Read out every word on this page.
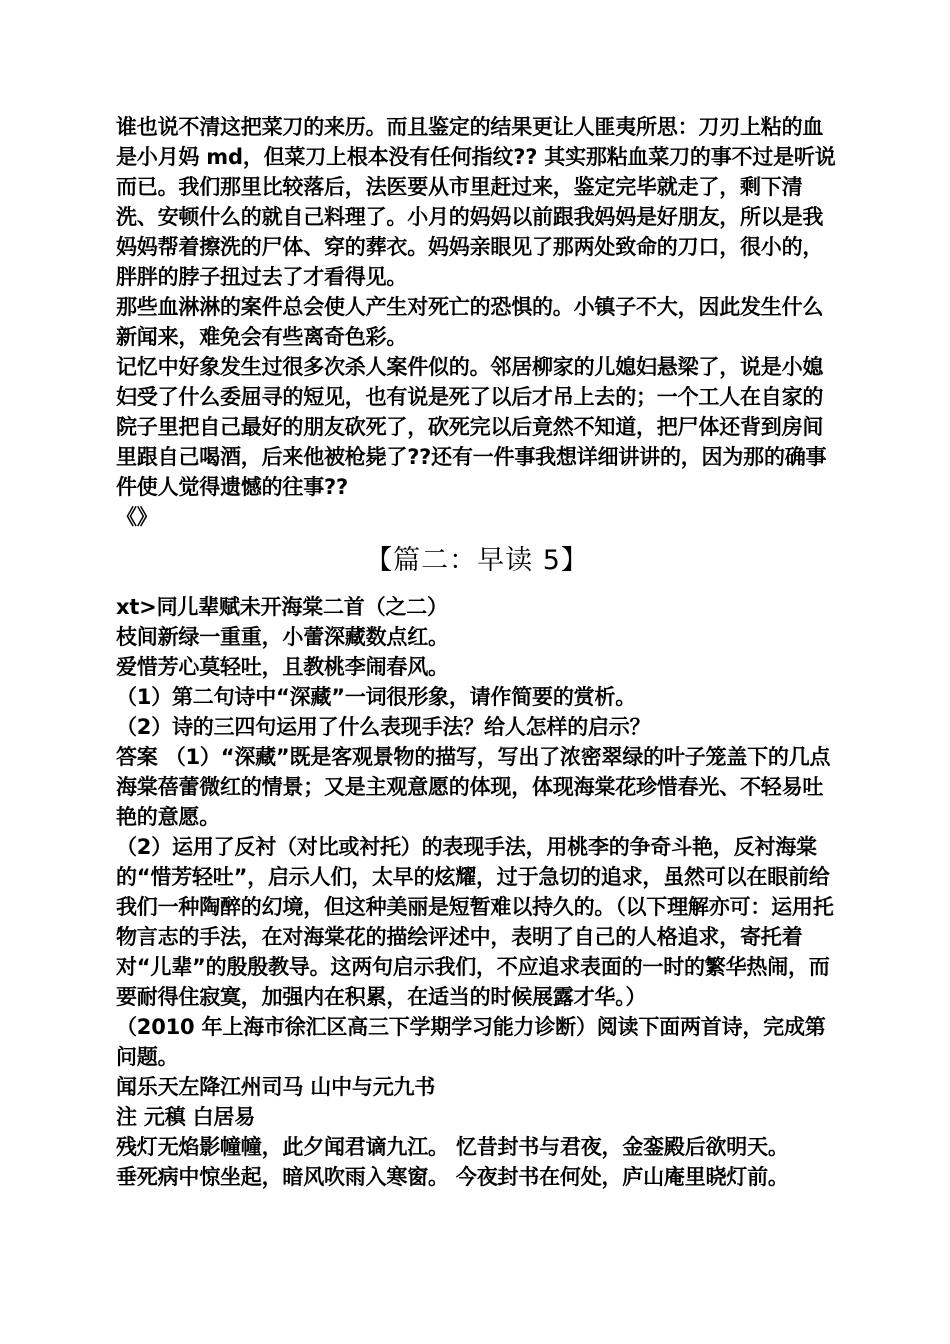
谁也说不清这把菜刀的来历。而且鉴定的结果更让人匪夷所思：刀刃上粘的血是小月妈 md，但菜刀上根本没有任何指纹?? 其实那粘血菜刀的事不过是听说而已。我们那里比较落后，法医要从市里赶过来，鉴定完毕就走了，剩下清洗、安顿什么的就自己料理了。小月的妈妈以前跟我妈妈是好朋友，所以是我妈妈帮着擦洗的尸体、穿的葬衣。妈妈亲眼见了那两处致命的刀口，很小的，胖胖的脖子扭过去了才看得见。

那些血淋淋的案件总会使人产生对死亡的恐惧的。小镇子不大，因此发生什么新闻来，难免会有些离奇色彩。

记忆中好象发生过很多次杀人案件似的。邻居柳家的儿媳妇悬梁了，说是小媳妇受了什么委屈寻的短见，也有说是死了以后才吊上去的；一个工人在自家的院子里把自己最好的朋友砍死了，砍死完以后竟然不知道，把尸体还背到房间里跟自己喝酒，后来他被枪毙了??还有一件事我想详细讲讲的，因为那的确事件使人觉得遗憾的往事??

《》

【篇二：早读 5】

xt>同儿辈赋未开海棠二首（之二）

枝间新绿一重重，小蕾深藏数点红。

爱惜芳心莫轻吐，且教桃李闹春风。

（1）第二句诗中“深藏”一词很形象，请作简要的赏析。

（2）诗的三四句运用了什么表现手法？给人怎样的启示？

答案 （1）“深藏”既是客观景物的描写，写出了浓密翠绿的叶子笼盖下的几点海棠蓓蕾微红的情景；又是主观意愿的体现，体现海棠花珍惜春光、不轻易吐艳的意愿。

（2）运用了反衬（对比或衬托）的表现手法，用桃李的争奇斗艳，反衬海棠的“惜芳轻吐”，启示人们，太早的炫耀，过于急切的追求，虽然可以在眼前给我们一种陶醉的幻境，但这种美丽是短暂难以持久的。（以下理解亦可：运用托物言志的手法，在对海棠花的描绘评述中，表明了自己的人格追求，寄托着对“儿辈”的殷殷教导。这两句启示我们，不应追求表面的一时的繁华热闹，而要耐得住寂寞，加强内在积累，在适当的时候展露才华。）

（2010 年上海市徐汇区高三下学期学习能力诊断）阅读下面两首诗，完成第问题。

闻乐天左降江州司马 山中与元九书

注 元稹 白居易

残灯无焰影幢幢，此夕闻君谪九江。 忆昔封书与君夜，金銮殿后欲明天。

垂死病中惊坐起，暗风吹雨入寒窗。 今夜封书在何处，庐山庵里晓灯前。
